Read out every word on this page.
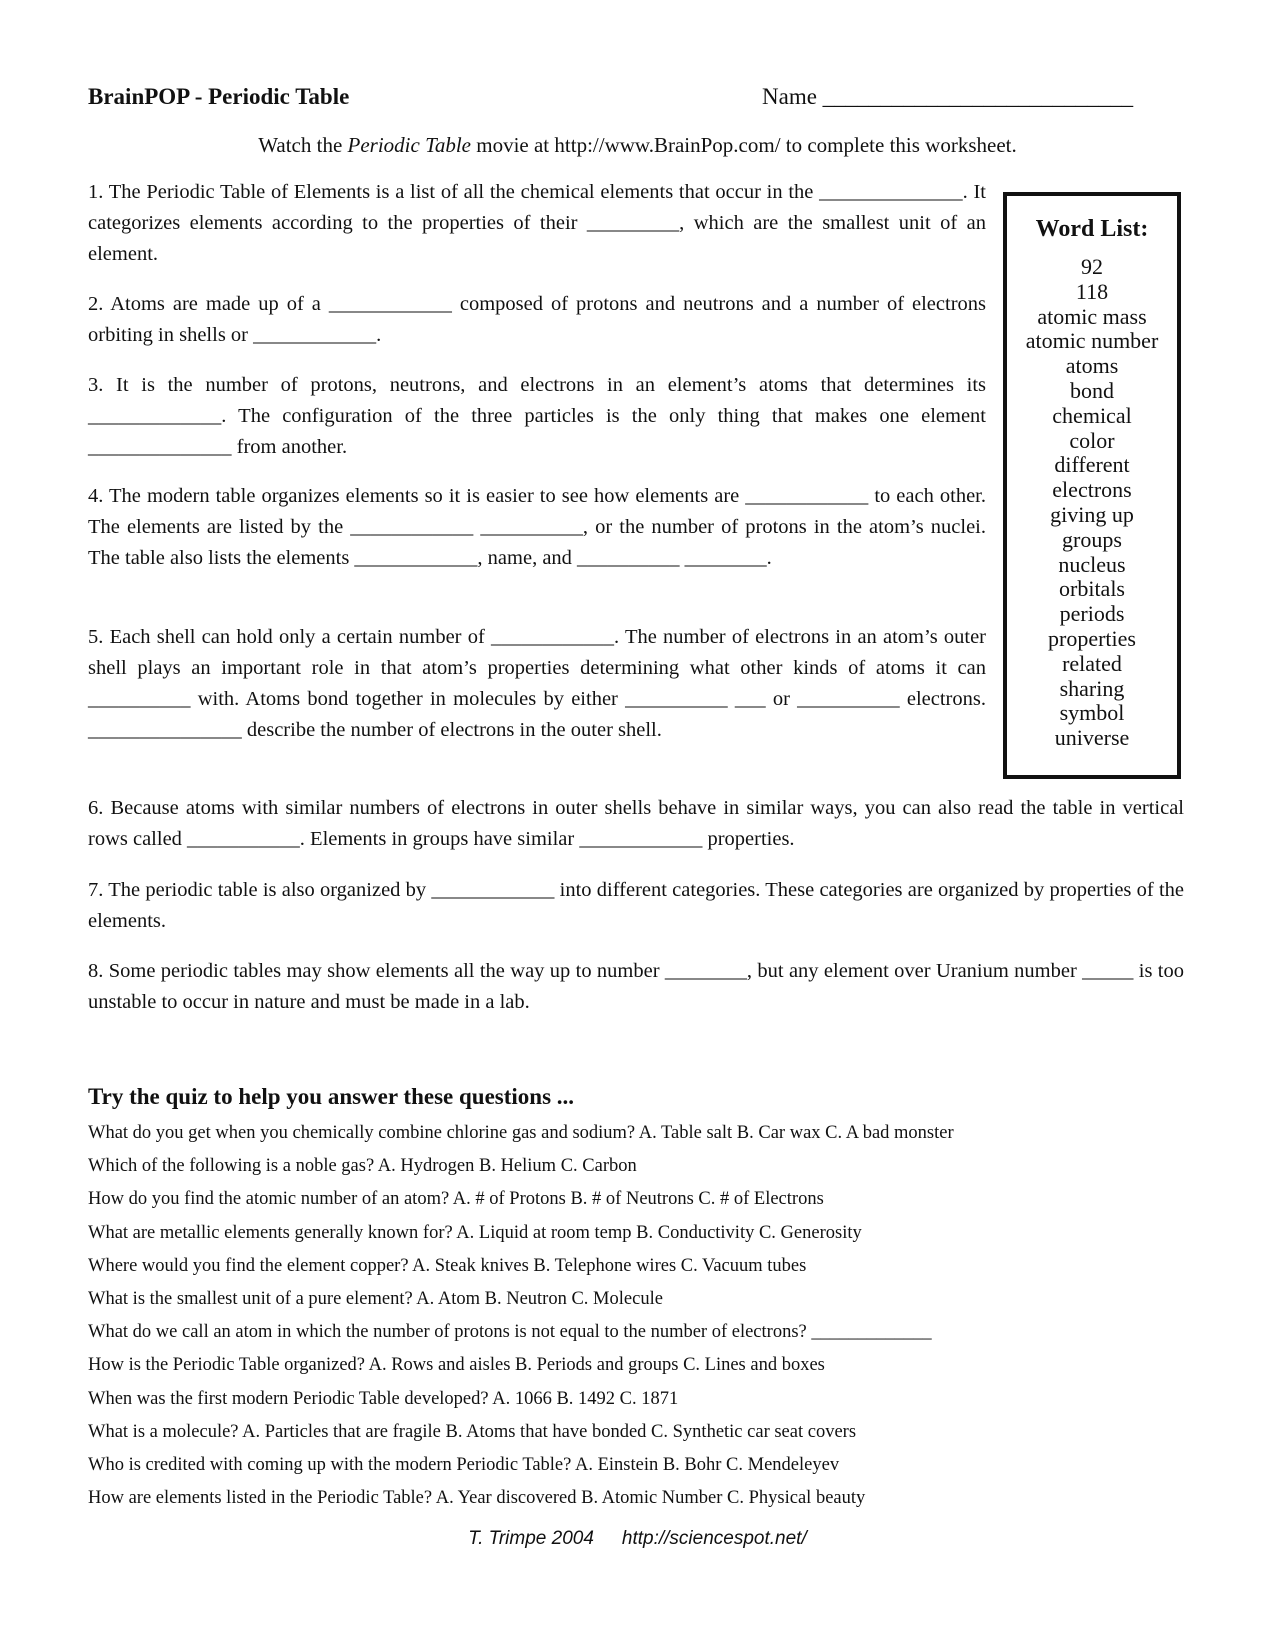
BrainPOP - Periodic Table	Name ___________________________
Watch the Periodic Table movie at http://www.BrainPop.com/ to complete this worksheet.

1. The Periodic Table of Elements is a list of all the chemical elements that occur in the ______________. It categorizes elements according to the properties of their _________, which are the smallest unit of an element.

2. Atoms are made up of a ____________ composed of protons and neutrons and a number of electrons orbiting in shells or ____________.

3. It is the number of protons, neutrons, and electrons in an element’s atoms that determines its _____________. The configuration of the three particles is the only thing that makes one element ______________ from another.

4. The modern table organizes elements so it is easier to see how elements are ____________ to each other. The elements are listed by the ____________ __________, or the number of protons in the atom’s nuclei. The table also lists the elements ____________, name, and __________ ________.

5. Each shell can hold only a certain number of ____________. The number of electrons in an atom’s outer shell plays an important role in that atom’s properties determining what other kinds of atoms it can __________ with. Atoms bond together in molecules by either __________ ___ or __________ electrons. _______________ describe the number of electrons in the outer shell.

6. Because atoms with similar numbers of electrons in outer shells behave in similar ways, you can also read the table in vertical rows called ___________. Elements in groups have similar ____________ properties.

7. The periodic table is also organized by ____________ into different categories. These categories are organized by properties of the elements.

8. Some periodic tables may show elements all the way up to number ________, but any element over Uranium number _____ is too unstable to occur in nature and must be made in a lab.

Word List:
92
118
atomic mass
atomic number
atoms
bond
chemical
color
different
electrons
giving up
groups
nucleus
orbitals
periods
properties
related
sharing
symbol
universe
Try the quiz to help you answer these questions ...
What do you get when you chemically combine chlorine gas and sodium? A. Table salt B. Car wax C. A bad monster
Which of the following is a noble gas? A. Hydrogen B. Helium C. Carbon
How do you find the atomic number of an atom? A. # of Protons B. # of Neutrons C. # of Electrons
What are metallic elements generally known for? A. Liquid at room temp B. Conductivity C. Generosity
Where would you find the element copper? A. Steak knives B. Telephone wires C. Vacuum tubes
What is the smallest unit of a pure element? A. Atom B. Neutron C. Molecule
What do we call an atom in which the number of protons is not equal to the number of electrons? _____________
How is the Periodic Table organized? A. Rows and aisles B. Periods and groups C. Lines and boxes
When was the first modern Periodic Table developed? A. 1066 B. 1492 C. 1871
What is a molecule? A. Particles that are fragile B. Atoms that have bonded C. Synthetic car seat covers
Who is credited with coming up with the modern Periodic Table? A. Einstein B. Bohr C. Mendeleyev
How are elements listed in the Periodic Table? A. Year discovered B. Atomic Number C. Physical beauty
T. Trimpe 2004 http://sciencespot.net/
